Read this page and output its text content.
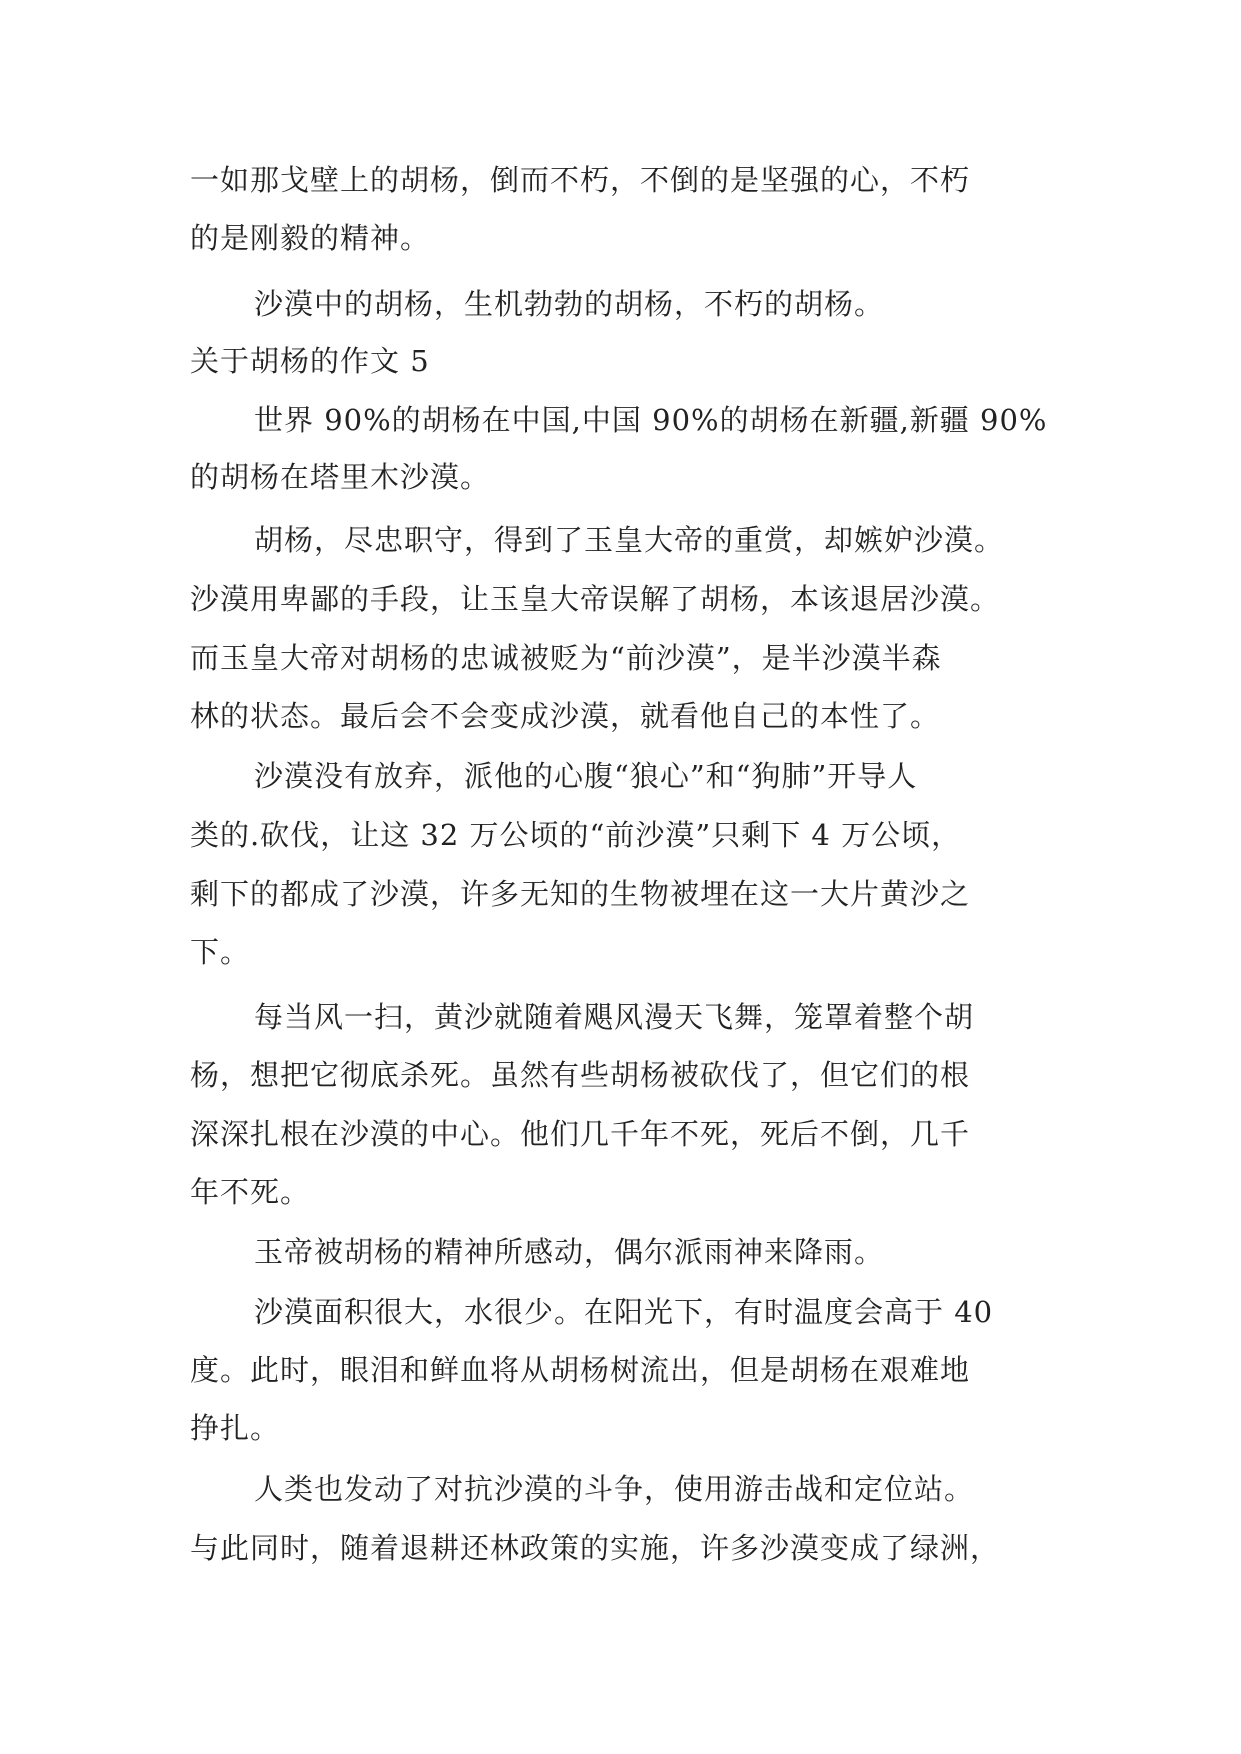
一如那戈壁上的胡杨，倒而不朽，不倒的是坚强的心，不朽
的是刚毅的精神。
沙漠中的胡杨，生机勃勃的胡杨，不朽的胡杨。
关于胡杨的作文 5
世界 90%的胡杨在中国,中国 90%的胡杨在新疆,新疆 90%
的胡杨在塔里木沙漠。
胡杨，尽忠职守，得到了玉皇大帝的重赏，却嫉妒沙漠。
沙漠用卑鄙的手段，让玉皇大帝误解了胡杨，本该退居沙漠。
而玉皇大帝对胡杨的忠诚被贬为“前沙漠”，是半沙漠半森
林的状态。最后会不会变成沙漠，就看他自己的本性了。
沙漠没有放弃，派他的心腹“狼心”和“狗肺”开导人
类的.砍伐，让这 32 万公顷的“前沙漠”只剩下 4 万公顷，
剩下的都成了沙漠，许多无知的生物被埋在这一大片黄沙之
下。
每当风一扫，黄沙就随着飓风漫天飞舞，笼罩着整个胡
杨，想把它彻底杀死。虽然有些胡杨被砍伐了，但它们的根
深深扎根在沙漠的中心。他们几千年不死，死后不倒，几千
年不死。
玉帝被胡杨的精神所感动，偶尔派雨神来降雨。
沙漠面积很大，水很少。在阳光下，有时温度会高于 40
度。此时，眼泪和鲜血将从胡杨树流出，但是胡杨在艰难地
挣扎。
人类也发动了对抗沙漠的斗争，使用游击战和定位站。
与此同时，随着退耕还林政策的实施，许多沙漠变成了绿洲，
